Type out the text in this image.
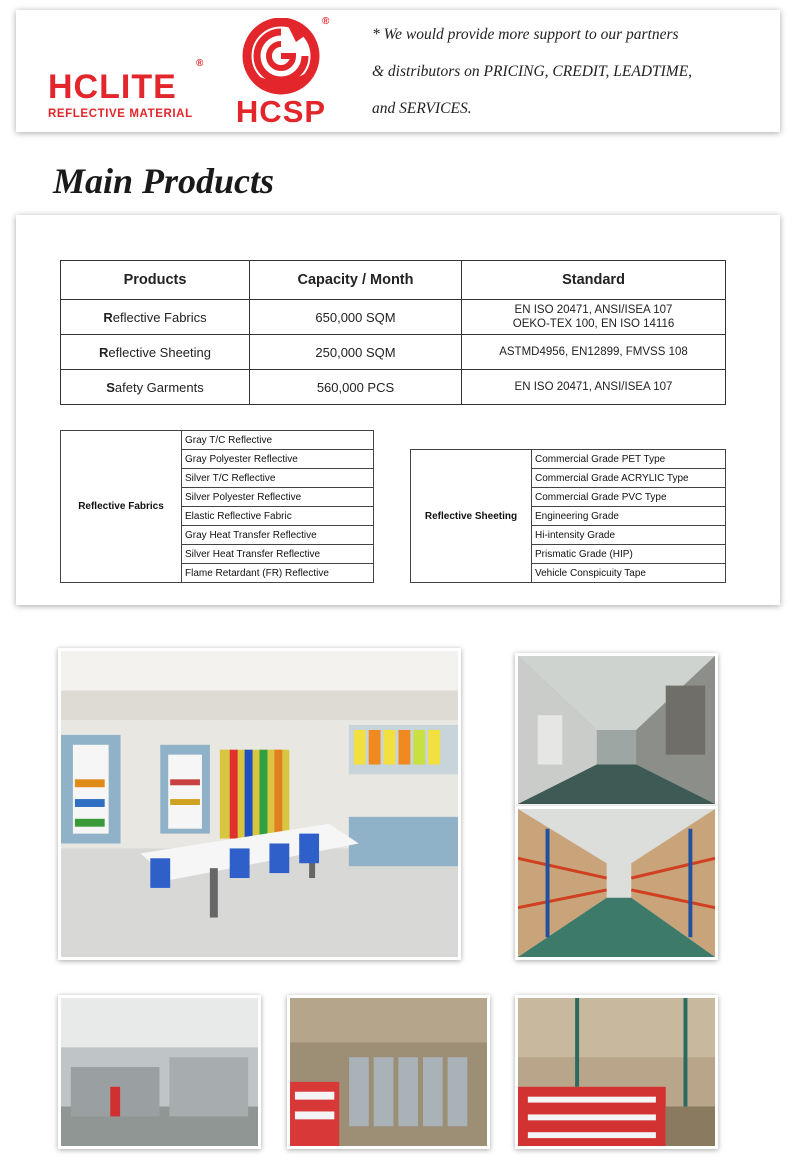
HCLITE
REFLECTIVE MATERIAL
®
HCSP
®
* We would provide more support to our partners
& distributors on PRICING, CREDIT, LEADTIME,
and SERVICES.
Main Products
Products	Capacity / Month	Standard
Reflective Fabrics	650,000 SQM	EN ISO 20471, ANSI/ISEA 107
OEKO-TEX 100, EN ISO 14116

Reflective Sheeting	250,000 SQM	ASTMD4956, EN12899, FMVSS 108
Safety Garments	560,000 PCS	EN ISO 20471, ANSI/ISEA 107
Reflective Fabrics	Gray T/C Reflective
Gray Polyester Reflective
Silver T/C Reflective
Silver Polyester Reflective
Elastic Reflective Fabric
Gray Heat Transfer Reflective
Silver Heat Transfer Reflective
Flame Retardant (FR) Reflective
Reflective Sheeting	Commercial Grade PET Type
Commercial Grade ACRYLIC Type
Commercial Grade PVC Type
Engineering Grade
Hi-intensity Grade
Prismatic Grade (HIP)
Vehicle Conspicuity Tape
